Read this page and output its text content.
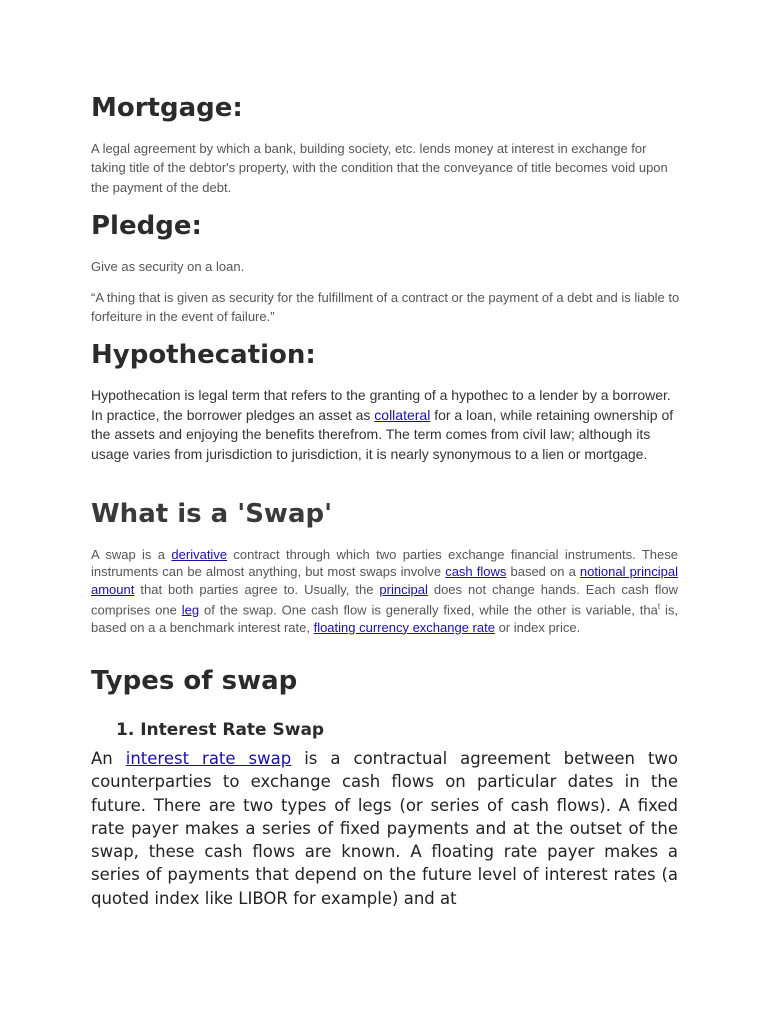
Mortgage:

A legal agreement by which a bank, building society, etc. lends money at interest in exchange for taking title of the debtor's property, with the condition that the conveyance of title becomes void upon the payment of the debt.

Pledge:

Give as security on a loan.

“A thing that is given as security for the fulfillment of a contract or the payment of a debt and is liable to forfeiture in the event of failure.”

Hypothecation:

Hypothecation is legal term that refers to the granting of a hypothec to a lender by a borrower. In practice, the borrower pledges an asset as collateral for a loan, while retaining ownership of the assets and enjoying the benefits therefrom. The term comes from civil law; although its usage varies from jurisdiction to jurisdiction, it is nearly synonymous to a lien or mortgage.

What is a 'Swap'

A swap is a derivative contract through which two parties exchange financial instruments. These instruments can be almost anything, but most swaps involve cash flows based on a notional principal amount that both parties agree to. Usually, the principal does not change hands. Each cash flow comprises one leg of the swap. One cash flow is generally fixed, while the other is variable, tha$^t$ is, based on a a benchmark interest rate, floating currency exchange rate or index price.

Types of swap
1. Interest Rate Swap

An interest rate swap is a contractual agreement between two counterparties to exchange cash flows on particular dates in the future. There are two types of legs (or series of cash flows). A fixed rate payer makes a series of fixed payments and at the outset of the swap, these cash flows are known. A floating rate payer makes a series of payments that depend on the future level of interest rates (a quoted index like LIBOR for example) and at
